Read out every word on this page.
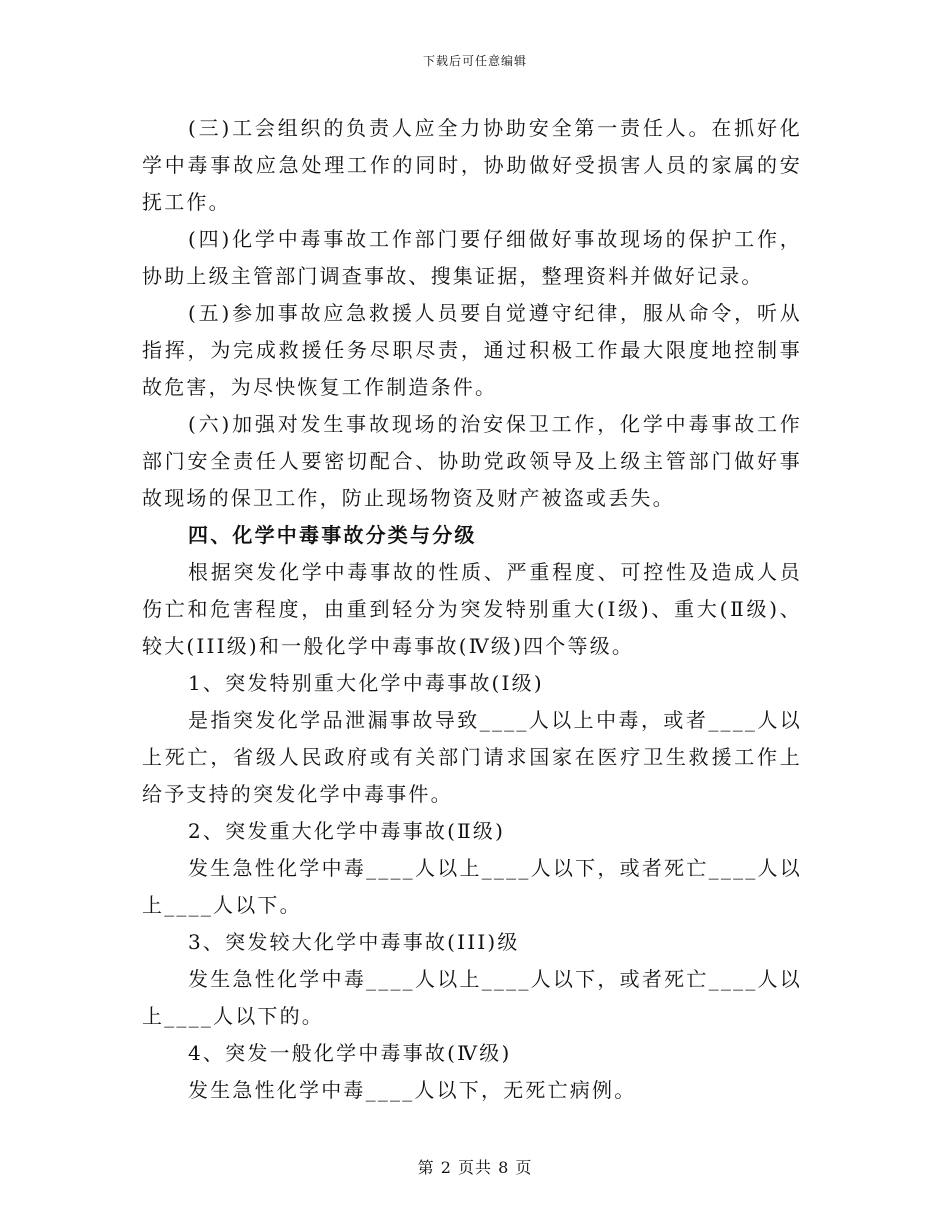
下载后可任意编辑

(三)工会组织的负责人应全力协助安全第一责任人。在抓好化学中毒事故应急处理工作的同时，协助做好受损害人员的家属的安抚工作。

(四)化学中毒事故工作部门要仔细做好事故现场的保护工作，协助上级主管部门调查事故、搜集证据，整理资料并做好记录。

(五)参加事故应急救援人员要自觉遵守纪律，服从命令，听从指挥，为完成救援任务尽职尽责，通过积极工作最大限度地控制事故危害，为尽快恢复工作制造条件。

(六)加强对发生事故现场的治安保卫工作，化学中毒事故工作部门安全责任人要密切配合、协助党政领导及上级主管部门做好事故现场的保卫工作，防止现场物资及财产被盗或丢失。

四、化学中毒事故分类与分级

根据突发化学中毒事故的性质、严重程度、可控性及造成人员伤亡和危害程度，由重到轻分为突发特别重大(Ⅰ级)、重大(Ⅱ级)、较大(III级)和一般化学中毒事故(Ⅳ级)四个等级。

1、突发特别重大化学中毒事故(Ⅰ级)

是指突发化学品泄漏事故导致____人以上中毒，或者____人以上死亡，省级人民政府或有关部门请求国家在医疗卫生救援工作上给予支持的突发化学中毒事件。

2、突发重大化学中毒事故(Ⅱ级)

发生急性化学中毒____人以上____人以下，或者死亡____人以上____人以下。

3、突发较大化学中毒事故(III)级

发生急性化学中毒____人以上____人以下，或者死亡____人以上____人以下的。

4、突发一般化学中毒事故(Ⅳ级)

发生急性化学中毒____人以下，无死亡病例。

第 2 页共 8 页
